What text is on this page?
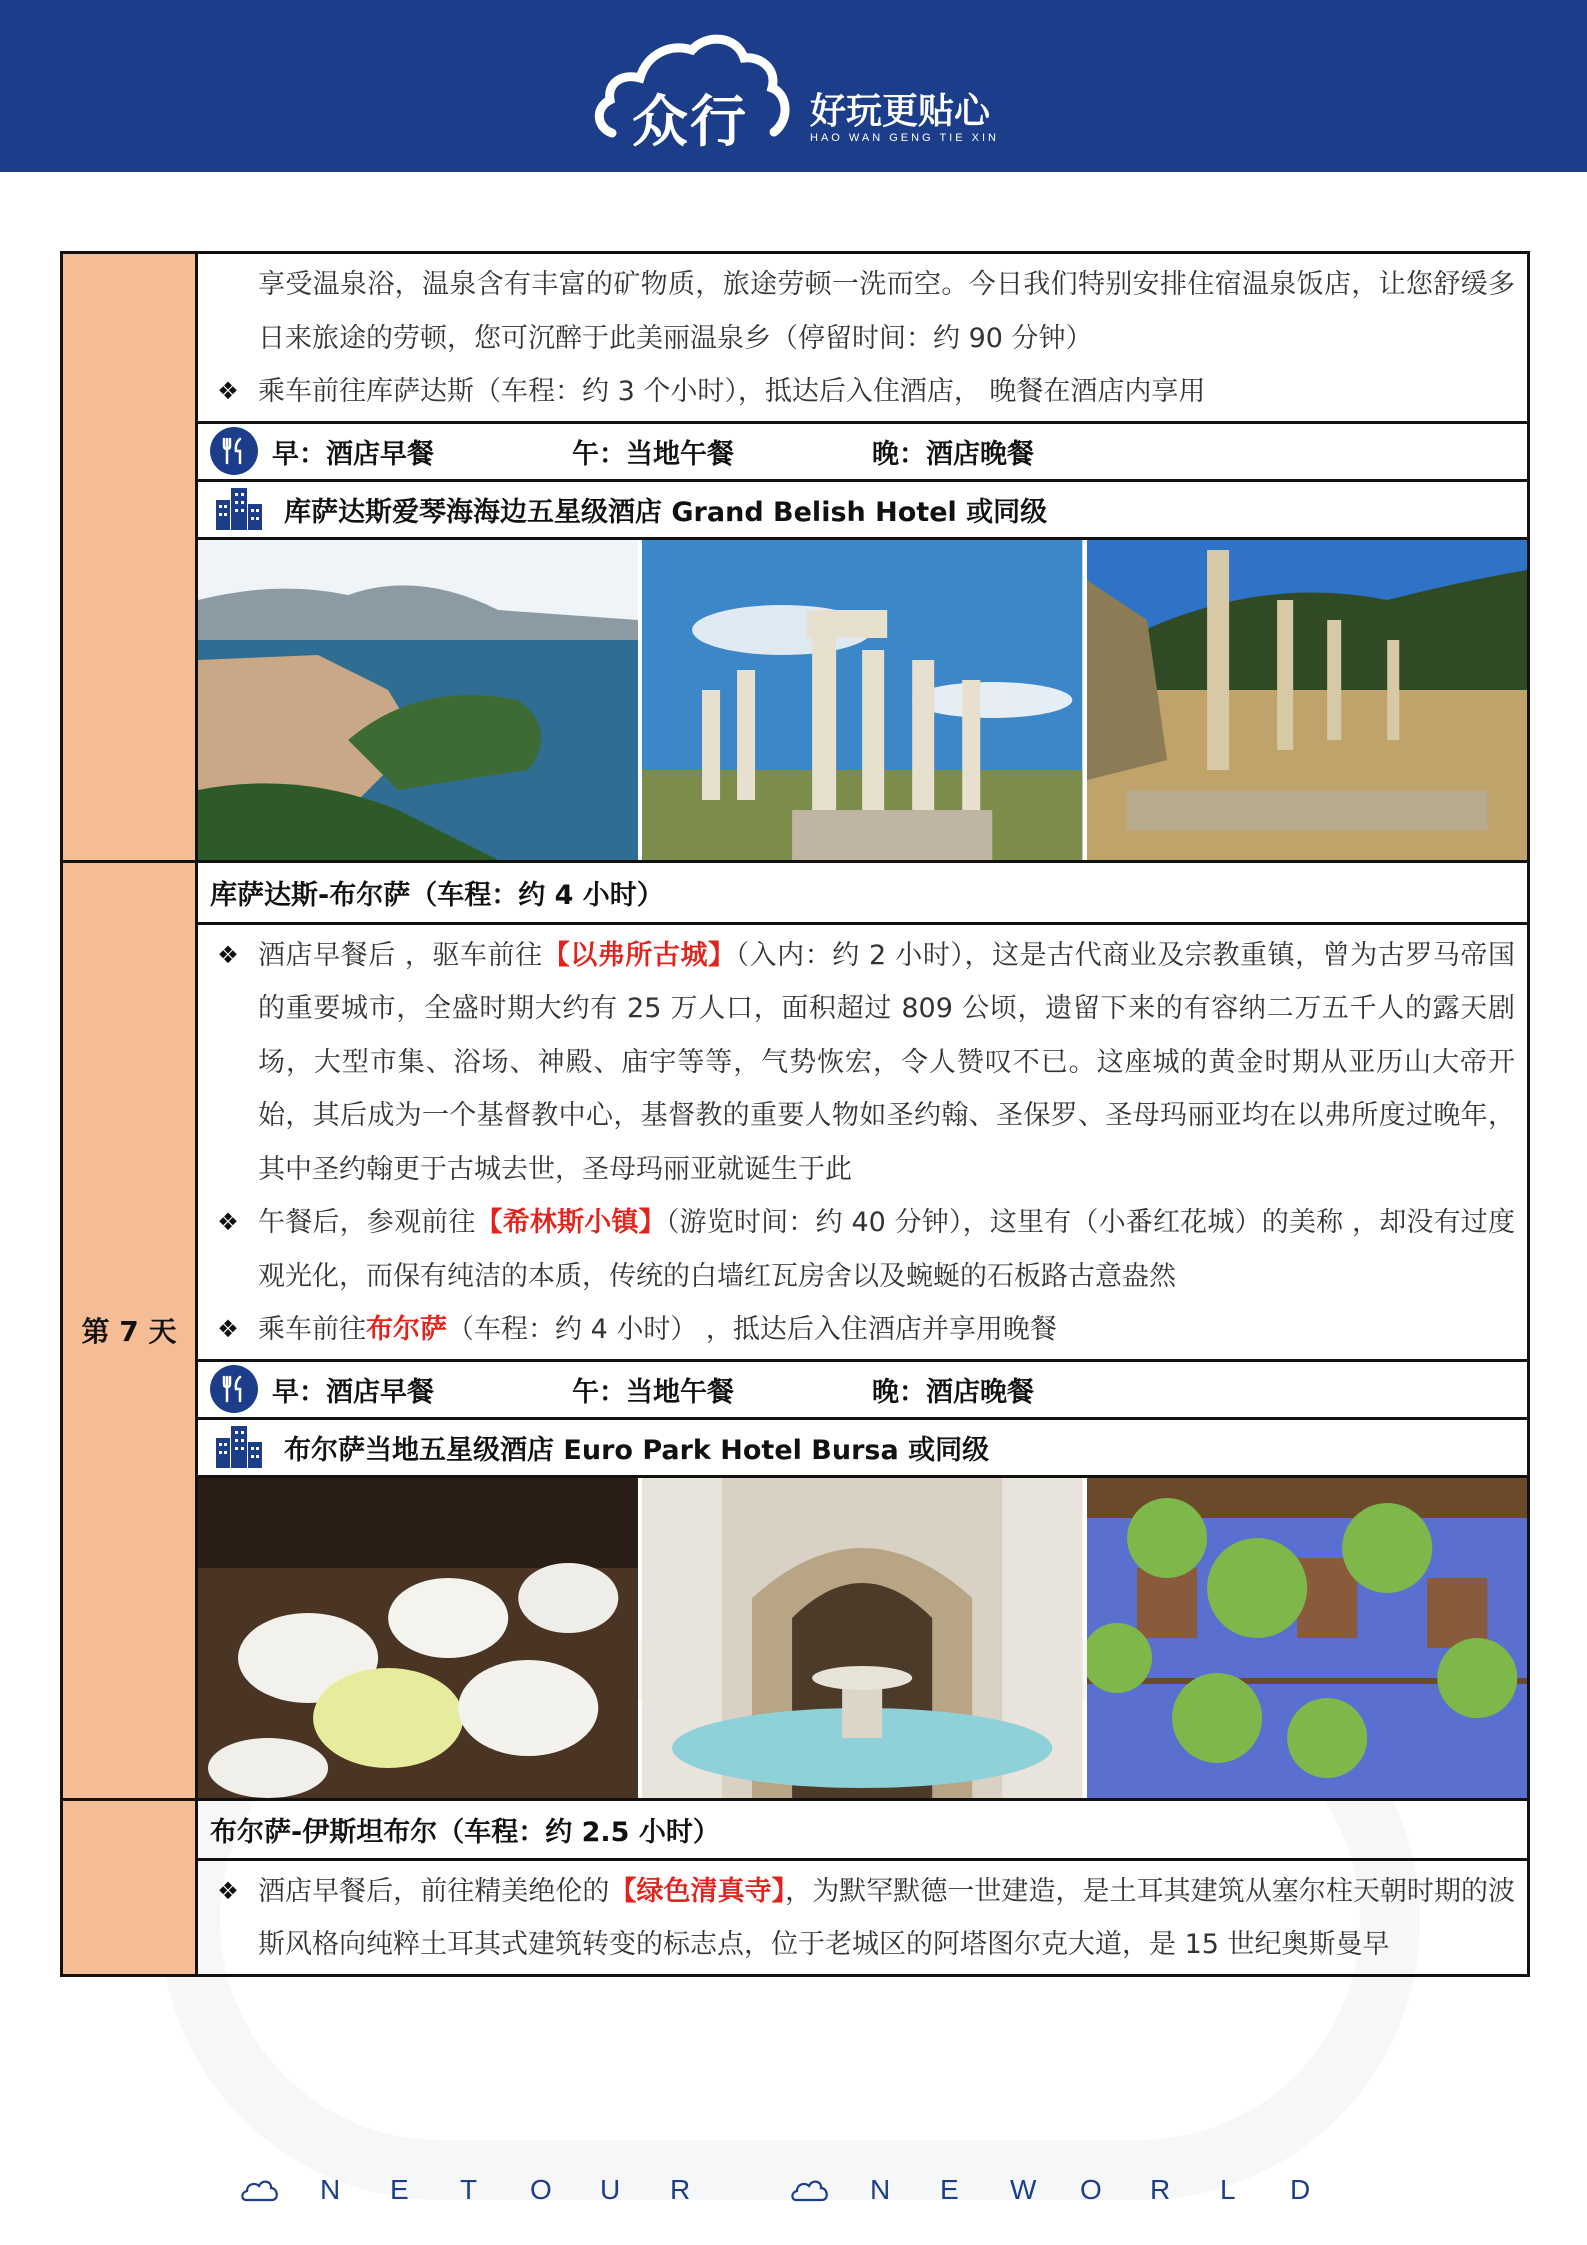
众行 好玩更贴心
HAO WAN GENG TIE XIN
享受温泉浴，温泉含有丰富的矿物质，旅途劳顿一洗而空。今日我们特别安排住宿温泉饭店，让您舒缓多日来旅途的劳顿，您可沉醉于此美丽温泉乡（停留时间：约 90 分钟）
❖ 乘车前往库萨达斯（车程：约 3 个小时），抵达后入住酒店， 晚餐在酒店内享用
早：酒店早餐	午：当地午餐	晚：酒店晚餐
库萨达斯爱琴海海边五星级酒店 Grand Belish Hotel 或同级
第 7 天
库萨达斯-布尔萨（车程：约 4 小时）
❖ 酒店早餐后 ，驱车前往【以弗所古城】（入内：约 2 小时），这是古代商业及宗教重镇，曾为古罗马帝国的重要城市，全盛时期大约有 25 万人口，面积超过 809 公顷，遗留下来的有容纳二万五千人的露天剧场，大型市集、浴场、神殿、庙宇等等，气势恢宏，令人赞叹不已。这座城的黄金时期从亚历山大帝开始，其后成为一个基督教中心，基督教的重要人物如圣约翰、圣保罗、圣母玛丽亚均在以弗所度过晚年，其中圣约翰更于古城去世，圣母玛丽亚就诞生于此
❖ 午餐后，参观前往【希林斯小镇】（游览时间：约 40 分钟），这里有（小番红花城）的美称 ，却没有过度观光化，而保有纯洁的本质，传统的白墙红瓦房舍以及蜿蜒的石板路古意盎然
❖ 乘车前往布尔萨（车程：约 4 小时） ，抵达后入住酒店并享用晚餐
早：酒店早餐	午：当地午餐	晚：酒店晚餐
布尔萨当地五星级酒店 Euro Park Hotel Bursa 或同级
布尔萨-伊斯坦布尔（车程：约 2.5 小时）
❖ 酒店早餐后，前往精美绝伦的【绿色清真寺】，为默罕默德一世建造，是土耳其建筑从塞尔柱天朝时期的波斯风格向纯粹土耳其式建筑转变的标志点，位于老城区的阿塔图尔克大道，是 15 世纪奥斯曼早
N E T O U R	N E W O R L D
